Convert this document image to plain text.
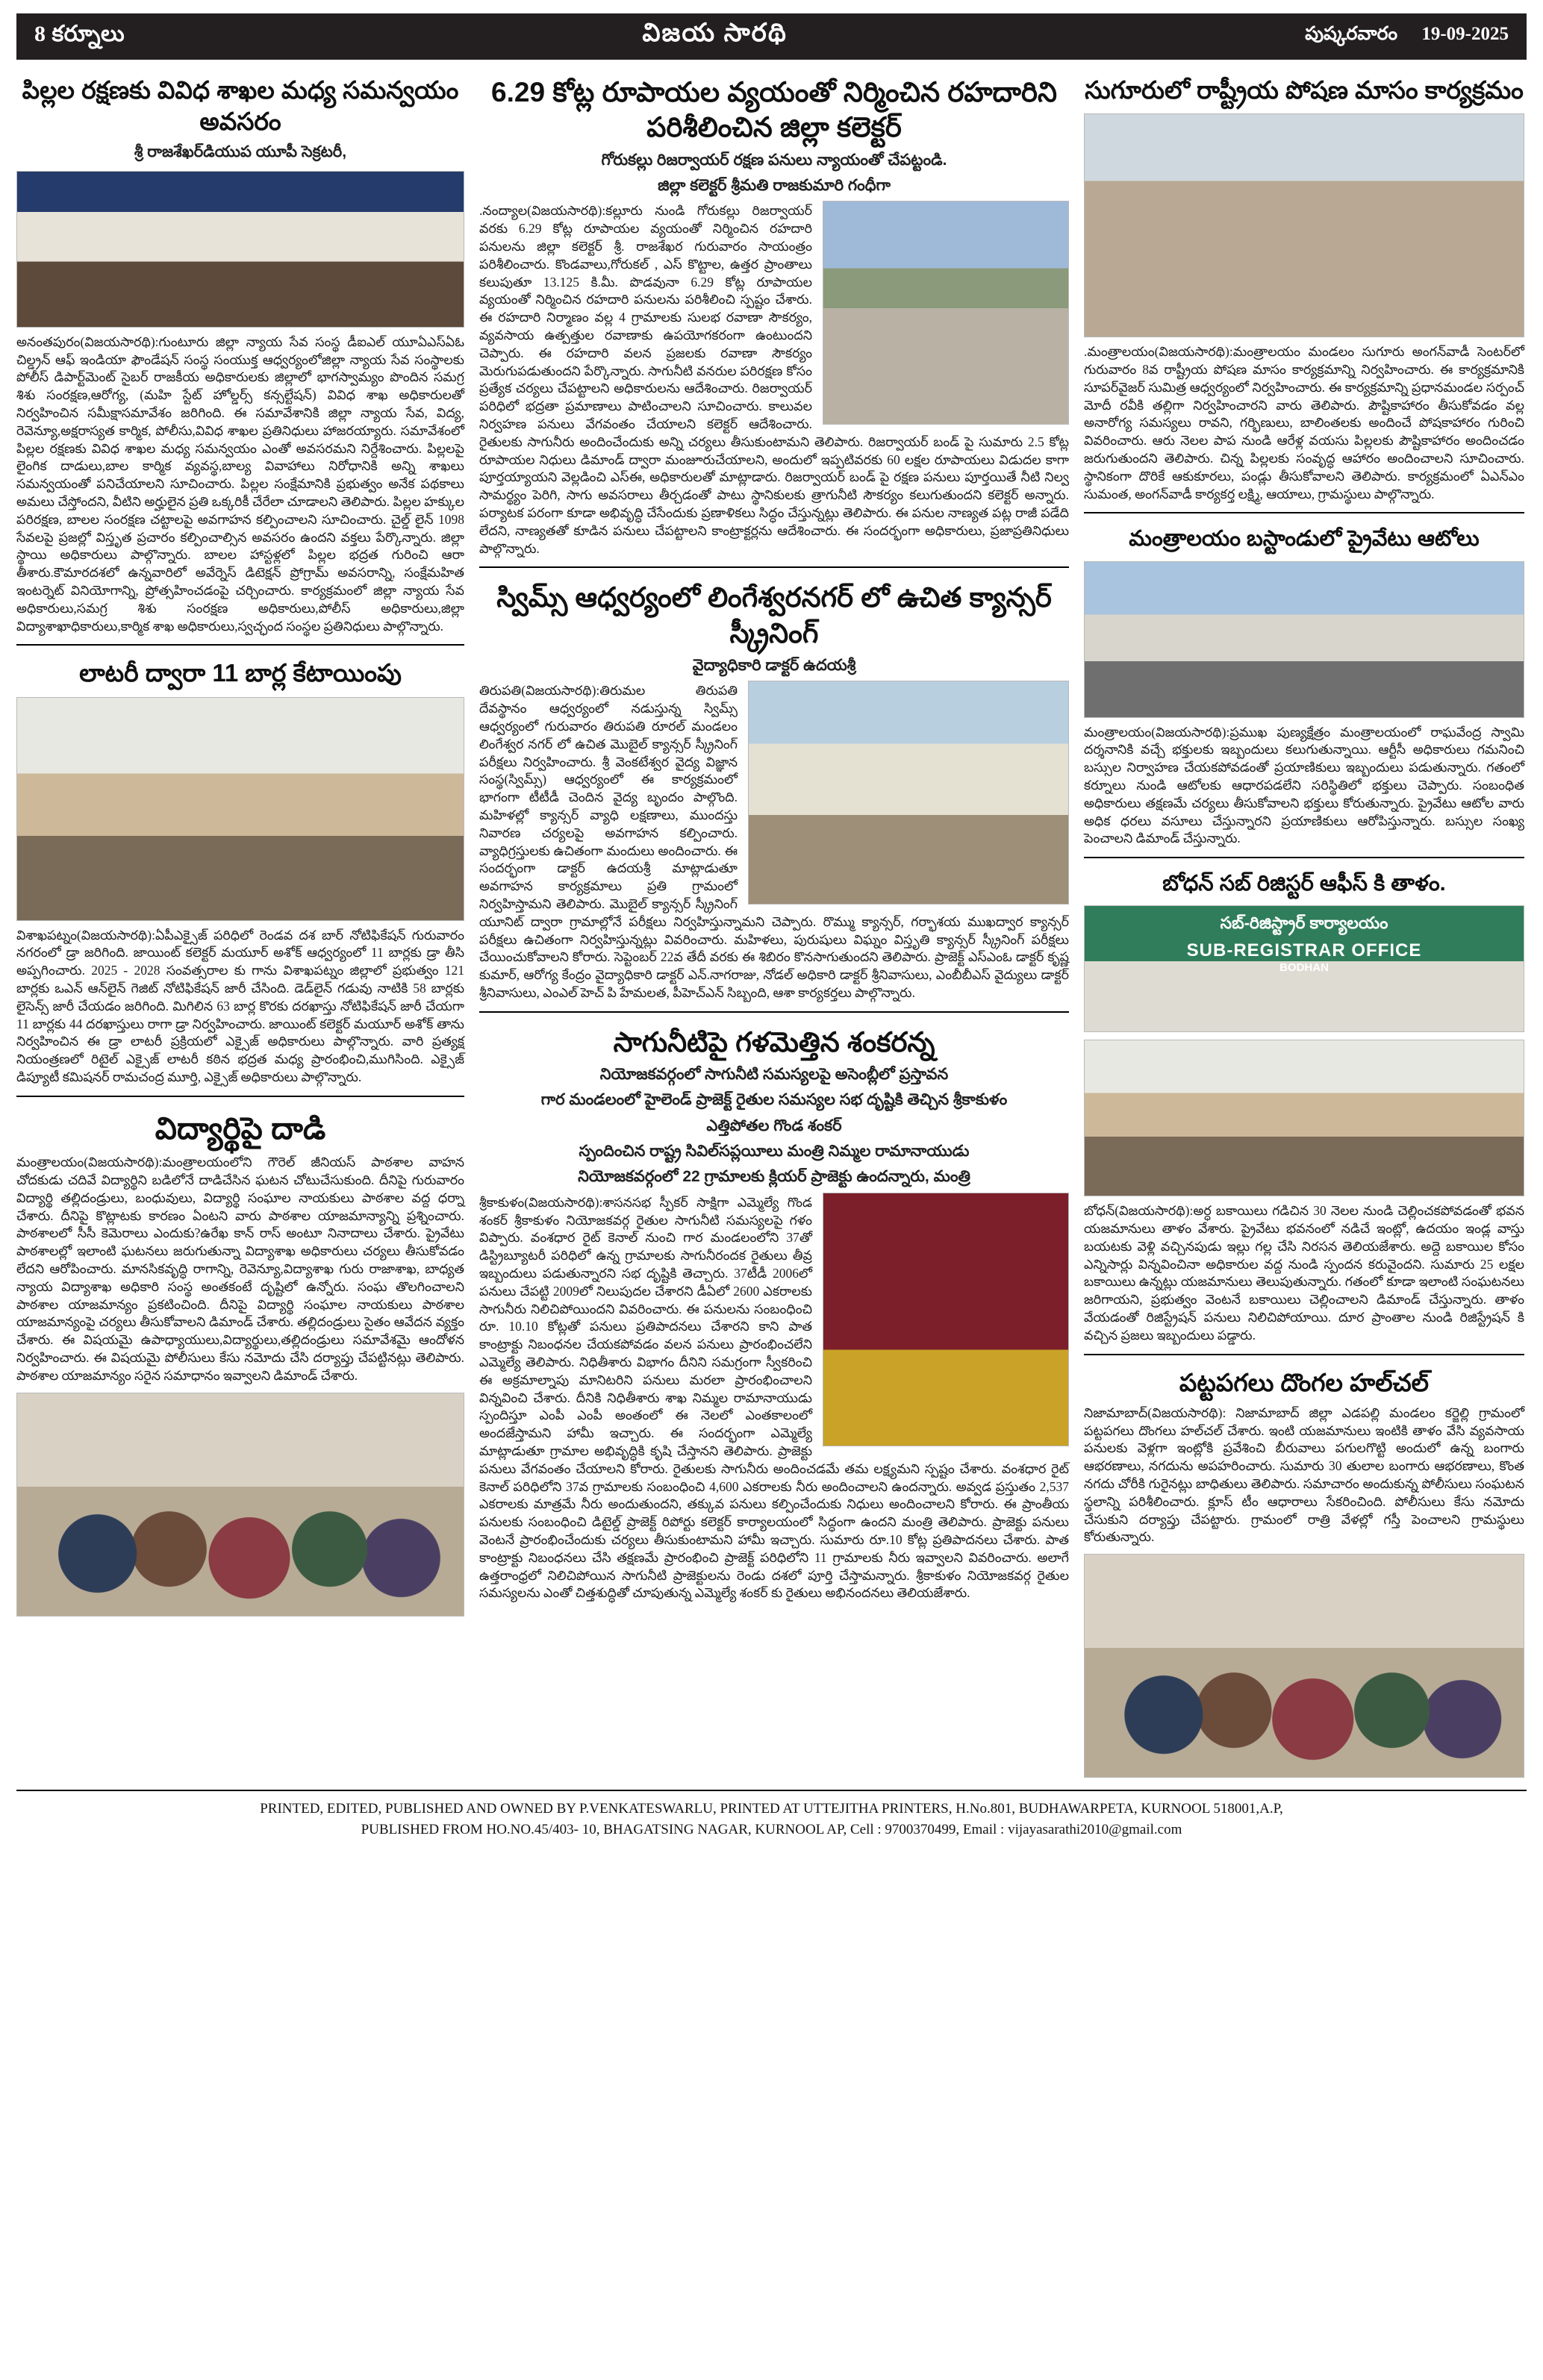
8 కర్నూలు	విజయ సారథి	పుష్కరవారం 19-09-2025
పిల్లల రక్షణకు వివిధ శాఖల మధ్య సమన్వయం అవసరం
శ్రీ రాజశేఖర్‌డియుప యూపీ సెక్రటరీ,
అనంతపురం(విజయసారథి):గుంటూరు జిల్లా న్యాయ సేవ సంస్థ డీఐఎల్ యూఏఎస్ఏఓ చిల్డ్రన్ ఆఫ్ ఇండియా ఫౌండేషన్ సంస్థ సంయుక్త ఆధ్వర్యంలోజిల్లా న్యాయ సేవ సంస్థాలకు పోలీస్ డిపార్ట్‌మెంట్ సైబర్ రాజకీయ అధికారులకు జిల్లాలో భాగస్వామ్యం పొందిన సమగ్ర శిశు సంరక్షణ,ఆరోగ్య, (మహి స్టేట్ హోల్డర్స్ కన్సల్టేషన్) వివిధ శాఖ అధికారులతో నిర్వహించిన సమీక్షాసమావేశం జరిగింది. ఈ సమావేశానికి జిల్లా న్యాయ సేవ, విద్య, రెవెన్యూ,అక్షరాస్యత కార్మిక, పోలీసు,వివిధ శాఖల ప్రతినిధులు హాజరయ్యారు. సమావేశంలో పిల్లల రక్షణకు వివిధ శాఖల మధ్య సమన్వయం ఎంతో అవసరమని నిర్దేశించారు. పిల్లలపై లైంగిక దాడులు,బాల కార్మిక వ్యవస్థ,బాల్య వివాహాలు నిరోధానికి అన్ని శాఖలు సమన్వయంతో పనిచేయాలని సూచించారు. పిల్లల సంక్షేమానికి ప్రభుత్వం అనేక పథకాలు అమలు చేస్తోందని, వీటిని అర్హులైన ప్రతి ఒక్కరికీ చేరేలా చూడాలని తెలిపారు. పిల్లల హక్కుల పరిరక్షణ, బాలల సంరక్షణ చట్టాలపై అవగాహన కల్పించాలని సూచించారు. చైల్డ్ లైన్ 1098 సేవలపై ప్రజల్లో విస్తృత ప్రచారం కల్పించాల్సిన అవసరం ఉందని వక్తలు పేర్కొన్నారు. జిల్లా స్థాయి అధికారులు పాల్గొన్నారు. బాలల హాస్టళ్లలో పిల్లల భద్రత గురించి ఆరా తీశారు.కౌమారదశలో ఉన్నవారిలో అవేర్నెస్ డిటెక్షన్ ప్రోగ్రామ్ అవసరాన్ని, సంక్షేమహిత ఇంటర్నెట్ వినియోగాన్ని, ప్రోత్సహించడంపై చర్చించారు. కార్యక్రమంలో జిల్లా న్యాయ సేవ అధికారులు,సమగ్ర శిశు సంరక్షణ అధికారులు,పోలీస్ అధికారులు,జిల్లా విద్యాశాఖాధికారులు,కార్మిక శాఖ అధికారులు,స్వచ్ఛంద సంస్థల ప్రతినిధులు పాల్గొన్నారు.
లాటరీ ద్వారా 11 బార్ల కేటాయింపు
విశాఖపట్నం(విజయసారథి):ఏపీఎక్సైజ్ పరిధిలో రెండవ దశ బార్ నోటిఫికేషన్ గురువారం నగరంలో డ్రా జరిగింది. జాయింట్ కలెక్టర్ మయూర్ అశోక్ ఆధ్వర్యంలో 11 బార్లకు డ్రా తీసి అప్పగించారు. 2025 - 2028 సంవత్సరాల కు గాను విశాఖపట్నం జిల్లాలో ప్రభుత్వం 121 బార్లకు ఒఎన్ ఆన్‌లైన్ గెజిట్ నోటిఫికేషన్ జారీ చేసింది. డెడ్‌లైన్ గడువు నాటికి 58 బార్లకు లైసెన్స్ జారీ చేయడం జరిగింది. మిగిలిన 63 బార్ల కొరకు దరఖాస్తు నోటిఫికేషన్ జారీ చేయగా 11 బార్లకు 44 దరఖాస్తులు రాగా డ్రా నిర్వహించారు. జాయింట్ కలెక్టర్ మయూర్ అశోక్ తాను నిర్వహించిన ఈ డ్రా లాటరీ ప్రక్రియలో ఎక్సైజ్ అధికారులు పాల్గొన్నారు. వారి ప్రత్యక్ష నియంత్రణలో రిటైల్ ఎక్సైజ్ లాటరీ కఠిన భద్రత మధ్య ప్రారంభించి,ముగిసింది. ఎక్సైజ్ డిప్యూటీ కమిషనర్ రామచంద్ర మూర్తి, ఎక్సైజ్ అధికారులు పాల్గొన్నారు.
విద్యార్థిపై దాడి
మంత్రాలయం(విజయసారథి):మంత్రాలయంలోని గౌరెల్ జీనియస్ పాఠశాల వాహన చోదకుడు చదివే విద్యార్థిని బడిలోనే దాడిచేసిన ఘటన చోటుచేసుకుంది. దీనిపై గురువారం విద్యార్థి తల్లిదండ్రులు, బంధువులు, విద్యార్థి సంఘాల నాయకులు పాఠశాల వద్ద ధర్నా చేశారు. దీనిపై కొట్లాటకు కారణం ఏంటని వారు పాఠశాల యాజమాన్యాన్ని ప్రశ్నించారు. పాఠశాలలో సీసీ కెమెరాలు ఎందుకు?ఉరేఖ కాన్ రాస్ అంటూ నినాదాలు చేశారు. ప్రైవేటు పాఠశాలల్లో ఇలాంటి ఘటనలు జరుగుతున్నా విద్యాశాఖ అధికారులు చర్యలు తీసుకోవడం లేదని ఆరోపించారు. మానసికవృద్ధి రాగాన్ని, రెవెన్యూ,విద్యాశాఖ గురు రాజాశాఖ, బాధ్యత న్యాయ విద్యాశాఖ అధికారి సంస్థ అంతకంటే దృష్టిలో ఉన్నోరు. సంఘ తొలగించాలని పాఠశాల యాజమాన్యం ప్రకటించింది. దీనిపై విద్యార్థి సంఘాల నాయకులు పాఠశాల యాజమాన్యంపై చర్యలు తీసుకోవాలని డిమాండ్ చేశారు. తల్లిదండ్రులు సైతం ఆవేదన వ్యక్తం చేశారు. ఈ విషయమై ఉపాధ్యాయులు,విద్యార్థులు,తల్లిదండ్రులు సమావేశమై ఆందోళన నిర్వహించారు. ఈ విషయమై పోలీసులు కేసు నమోదు చేసి దర్యాప్తు చేపట్టినట్లు తెలిపారు. పాఠశాల యాజమాన్యం సరైన సమాధానం ఇవ్వాలని డిమాండ్ చేశారు.
6.29 కోట్ల రూపాయల వ్యయంతో నిర్మించిన రహదారిని పరిశీలించిన జిల్లా కలెక్టర్
గోరుకల్లు రిజర్వాయర్ రక్షణ పనులు న్యాయంతో చేపట్టండి.
జిల్లా కలెక్టర్ శ్రీమతి రాజకుమారి గంధీగా
.నంద్యాల(విజయసారథి):కల్లూరు నుండి గోరుకల్లు రిజర్వాయర్ వరకు 6.29 కోట్ల రూపాయల వ్యయంతో నిర్మించిన రహదారి పనులను జిల్లా కలెక్టర్ శ్రీ. రాజశేఖర గురువారం సాయంత్రం పరిశీలించారు. కొండవాలు,గోరుకల్ , ఎస్ కొట్టాల, ఉత్తర ప్రాంతాలు కలుపుతూ 13.125 కి.మీ. పొడవునా 6.29 కోట్ల రూపాయల వ్యయంతో నిర్మించిన రహదారి పనులను పరిశీలించి స్పష్టం చేశారు. ఈ రహదారి నిర్మాణం వల్ల 4 గ్రామాలకు సులభ రవాణా సౌకర్యం, వ్యవసాయ ఉత్పత్తుల రవాణాకు ఉపయోగకరంగా ఉంటుందని చెప్పారు. ఈ రహదారి వలన ప్రజలకు రవాణా సౌకర్యం మెరుగుపడుతుందని పేర్కొన్నారు. సాగునీటి వనరుల పరిరక్షణ కోసం ప్రత్యేక చర్యలు చేపట్టాలని అధికారులను ఆదేశించారు. రిజర్వాయర్ పరిధిలో భద్రతా ప్రమాణాలు పాటించాలని సూచించారు. కాలువల నిర్వహణ పనులు వేగవంతం చేయాలని కలెక్టర్ ఆదేశించారు. రైతులకు సాగునీరు అందించేందుకు అన్ని చర్యలు తీసుకుంటామని తెలిపారు. రిజర్వాయర్ బండ్ పై సుమారు 2.5 కోట్ల రూపాయల నిధులు డిమాండ్ ద్వారా మంజూరుచేయాలని, అందులో ఇప్పటివరకు 60 లక్షల రూపాయలు విడుదల కాగా పూర్తయ్యాయని వెల్లడించి ఎస్ఈ, అధికారులతో మాట్లాడారు. రిజర్వాయర్ బండ్ పై రక్షణ పనులు పూర్తయితే నీటి నిల్వ సామర్థ్యం పెరిగి, సాగు అవసరాలు తీర్చడంతో పాటు స్థానికులకు త్రాగునీటి సౌకర్యం కలుగుతుందని కలెక్టర్ అన్నారు. పర్యాటక పరంగా కూడా అభివృద్ధి చేసేందుకు ప్రణాళికలు సిద్ధం చేస్తున్నట్లు తెలిపారు. ఈ పనుల నాణ్యత పట్ల రాజీ పడేది లేదని, నాణ్యతతో కూడిన పనులు చేపట్టాలని కాంట్రాక్టర్లను ఆదేశించారు. ఈ సందర్భంగా అధికారులు, ప్రజాప్రతినిధులు పాల్గొన్నారు.
స్విమ్స్ ఆధ్వర్యంలో లింగేశ్వరనగర్ లో ఉచిత క్యాన్సర్ స్క్రీనింగ్
వైద్యాధికారి డాక్టర్ ఉదయశ్రీ
తిరుపతి(విజయసారథి):తిరుమల తిరుపతి దేవస్థానం ఆధ్వర్యంలో నడుస్తున్న స్విమ్స్ ఆధ్వర్యంలో గురువారం తిరుపతి రూరల్ మండలం లింగేశ్వర నగర్ లో ఉచిత మొబైల్ క్యాన్సర్ స్క్రీనింగ్ పరీక్షలు నిర్వహించారు. శ్రీ వెంకటేశ్వర వైద్య విజ్ఞాన సంస్థ(స్విమ్స్) ఆధ్వర్యంలో ఈ కార్యక్రమంలో భాగంగా టీటీడీ చెందిన వైద్య బృందం పాల్గొంది. మహిళల్లో క్యాన్సర్ వ్యాధి లక్షణాలు, ముందస్తు నివారణ చర్యలపై అవగాహన కల్పించారు. వ్యాధిగ్రస్తులకు ఉచితంగా మందులు అందించారు. ఈ సందర్భంగా డాక్టర్ ఉదయశ్రీ మాట్లాడుతూ అవగాహన కార్యక్రమాలు ప్రతి గ్రామంలో నిర్వహిస్తామని తెలిపారు. మొబైల్ క్యాన్సర్ స్క్రీనింగ్ యూనిట్ ద్వారా గ్రామాల్లోనే పరీక్షలు నిర్వహిస్తున్నామని చెప్పారు. రొమ్ము క్యాన్సర్, గర్భాశయ ముఖద్వార క్యాన్సర్ పరీక్షలు ఉచితంగా నిర్వహిస్తున్నట్లు వివరించారు. మహిళలు, పురుషులు విఘ్నం విస్తృతి క్యాన్సర్ స్క్రీనింగ్ పరీక్షలు చేయించుకోవాలని కోరారు. సెప్టెంబర్ 22వ తేదీ వరకు ఈ శిబిరం కొనసాగుతుందని తెలిపారు. ప్రాజెక్ట్ ఎస్ఎంఓ డాక్టర్ కృష్ణ కుమార్, ఆరోగ్య కేంద్రం వైద్యాధికారి డాక్టర్ ఎన్.నాగరాజు, నోడల్ అధికారి డాక్టర్ శ్రీనివాసులు, ఎంబీబీఎస్ వైద్యులు డాక్టర్ శ్రీనివాసులు, ఎంఎల్ హెచ్ పి హేమలత, పీహెచ్ఎన్ సిబ్బంది, ఆశా కార్యకర్తలు పాల్గొన్నారు.
సాగునీటిపై గళమెత్తిన శంకరన్న
నియోజకవర్గంలో సాగునీటి సమస్యలపై అసెంబ్లీలో ప్రస్తావన
గార మండలంలో హైలెండ్ ప్రాజెక్ట్ రైతుల సమస్యల సభ దృష్టికి తెచ్చిన శ్రీకాకుళం
ఎత్తిపోతల గొండ శంకర్
స్పందించిన రాష్ట్ర సివిల్‌సప్లయీలు మంత్రి నిమ్మల రామానాయుడు
నియోజకవర్గంలో 22 గ్రామాలకు క్లియర్ ప్రాజెక్టు ఉందన్నారు, మంత్రి
శ్రీకాకుళం(విజయసారథి):శాసనసభ స్పీకర్ సాక్షిగా ఎమ్మెల్యే గొండ శంకర్ శ్రీకాకుళం నియోజకవర్గ రైతుల సాగునీటి సమస్యలపై గళం విప్పారు. వంశధార రైట్ కెనాల్ నుంచి గార మండలంలోని 37తో డిస్ట్రిబ్యూటరీ పరిధిలో ఉన్న గ్రామాలకు సాగునీరందక రైతులు తీవ్ర ఇబ్బందులు పడుతున్నారని సభ దృష్టికి తెచ్చారు. 37టీడీ 2006లో పనులు చేపట్టి 2009లో నిలుపుదల చేశారని డీఏలో 2600 ఎకరాలకు సాగునీరు నిలిచిపోయిందని వివరించారు. ఈ పనులను సంబంధించి రూ. 10.10 కోట్లతో పనులు ప్రతిపాదనలు చేశారని కాని పాత కాంట్రాక్టు నిబంధనల చేయకపోవడం వలన పనులు ప్రారంభించలేని ఎమ్మెల్యే తెలిపారు. నిధితీశారు విభాగం దీనిని సమగ్రంగా స్వీకరించి ఈ అక్రమాల్నాపు మానిటరిని పనులు మరలా ప్రారంభించాలని విన్నవించి చేశారు. దీనికి నిధితీశారు శాఖ నిమ్మల రామానాయుడు స్పందిస్తూ ఎంపీ ఎంపీ అంతంలో ఈ నెలలో ఎంతకాలంలో అందజేస్తామని హామీ ఇచ్చారు. ఈ సందర్భంగా ఎమ్మెల్యే మాట్లాడుతూ గ్రామాల అభివృద్ధికి కృషి చేస్తానని తెలిపారు. ప్రాజెక్టు పనులు వేగవంతం చేయాలని కోరారు. రైతులకు సాగునీరు అందించడమే తమ లక్ష్యమని స్పష్టం చేశారు. వంశధార రైట్ కెనాల్ పరిధిలోని 37వ గ్రామాలకు సంబంధించి 4,600 ఎకరాలకు నీరు అందించాలని ఉందన్నారు. అవ్వడ ప్రస్తుతం 2,537 ఎకరాలకు మాత్రమే నీరు అందుతుందని, తక్కువ పనులు కల్పించేందుకు నిధులు అందించాలని కోరారు. ఈ ప్రాంతీయ పనులకు సంబంధించి డిటైల్డ్ ప్రాజెక్ట్ రిపోర్టు కలెక్టర్ కార్యాలయంలో సిద్ధంగా ఉందని మంత్రి తెలిపారు. ప్రాజెక్టు పనులు వెంటనే ప్రారంభించేందుకు చర్యలు తీసుకుంటామని హామీ ఇచ్చారు. సుమారు రూ.10 కోట్ల ప్రతిపాదనలు చేశారు. పాత కాంట్రాక్టు నిబంధనలు చేసి తక్షణమే ప్రారంభించి ప్రాజెక్ట్ పరిధిలోని 11 గ్రామాలకు నీరు ఇవ్వాలని వివరించారు. అలాగే ఉత్తరాంధ్రలో నిలిచిపోయిన సాగునీటి ప్రాజెక్టులను రెండు దశలో పూర్తి చేస్తామన్నారు. శ్రీకాకుళం నియోజకవర్గ రైతుల సమస్యలను ఎంతో చిత్తశుద్ధితో చూపుతున్న ఎమ్మెల్యే శంకర్ కు రైతులు అభినందనలు తెలియజేశారు.
సుగూరులో రాష్ట్రీయ పోషణ మాసం కార్యక్రమం
.మంత్రాలయం(విజయసారథి):మంత్రాలయం మండలం సుగూరు అంగన్‌వాడీ సెంటర్‌లో గురువారం 8వ రాష్ట్రీయ పోషణ మాసం కార్యక్రమాన్ని నిర్వహించారు. ఈ కార్యక్రమానికి సూపర్‌వైజర్ సుమిత్ర ఆధ్వర్యంలో నిర్వహించారు. ఈ కార్యక్రమాన్ని ప్రధానమండల సర్పంచ్ మోదీ రవీకి తల్లిగా నిర్వహించారని వారు తెలిపారు. పౌష్టికాహారం తీసుకోవడం వల్ల అనారోగ్య సమస్యలు రావని, గర్భిణులు, బాలింతలకు అందించే పోషకాహారం గురించి వివరించారు. ఆరు నెలల పాప నుండి ఆరేళ్ల వయసు పిల్లలకు పౌష్టికాహారం అందించడం జరుగుతుందని తెలిపారు. చిన్న పిల్లలకు సంవృద్ధ ఆహారం అందించాలని సూచించారు. స్థానికంగా దొరికే ఆకుకూరలు, పండ్లు తీసుకోవాలని తెలిపారు. కార్యక్రమంలో ఏఎన్ఎం సుమంత, అంగన్‌వాడీ కార్యకర్త లక్ష్మి, ఆయాలు, గ్రామస్థులు పాల్గొన్నారు.
మంత్రాలయం బస్టాండులో ప్రైవేటు ఆటోలు
మంత్రాలయం(విజయసారథి):ప్రముఖ పుణ్యక్షేత్రం మంత్రాలయంలో రాఘవేంద్ర స్వామి దర్శనానికి వచ్చే భక్తులకు ఇబ్బందులు కలుగుతున్నాయి. ఆర్టీసీ అధికారులు గమనించి బస్సుల నిర్వాహణ చేయకపోవడంతో ప్రయాణికులు ఇబ్బందులు పడుతున్నారు. గతంలో కర్నూలు నుండి ఆటోలకు ఆధారపడలేని సరిస్థితిలో భక్తులు చెప్పారు. సంబంధిత అధికారులు తక్షణమే చర్యలు తీసుకోవాలని భక్తులు కోరుతున్నారు. ప్రైవేటు ఆటోల వారు అధిక ధరలు వసూలు చేస్తున్నారని ప్రయాణికులు ఆరోపిస్తున్నారు. బస్సుల సంఖ్య పెంచాలని డిమాండ్ చేస్తున్నారు.
బోధన్ సబ్ రిజిస్టర్ ఆఫీస్ కి తాళం.
సబ్-రిజిస్ట్రార్ కార్యాలయం
SUB-REGISTRAR OFFICE
BODHAN
బోధన్(విజయసారథి):అర్ధ బకాయిలు గడిచిన 30 నెలల నుండి చెల్లించకపోవడంతో భవన యజమానులు తాళం వేశారు. ప్రైవేటు భవనంలో నడిచే ఇంట్లో, ఉదయం ఇండ్ల వాస్తు బయటకు వెళ్లి వచ్చినపుడు ఇల్లు గల్ల చేసి నిరసన తెలియజేశారు. అద్దె బకాయిల కోసం ఎన్నిసార్లు విన్నవించినా అధికారుల వద్ద నుండి స్పందన కరువైందని. సుమారు 25 లక్షల బకాయిలు ఉన్నట్లు యజమానులు తెలుపుతున్నారు. గతంలో కూడా ఇలాంటి సంఘటనలు జరిగాయని, ప్రభుత్వం వెంటనే బకాయిలు చెల్లించాలని డిమాండ్ చేస్తున్నారు. తాళం వేయడంతో రిజిస్ట్రేషన్ పనులు నిలిచిపోయాయి. దూర ప్రాంతాల నుండి రిజిస్ట్రేషన్ కి వచ్చిన ప్రజలు ఇబ్బందులు పడ్డారు.
పట్టపగలు దొంగల హల్‌చల్
నిజామాబాద్(విజయసారథి): నిజామాబాద్ జిల్లా ఎడపల్లి మండలం కర్జెల్లి గ్రామంలో పట్టపగలు దొంగలు హల్‌చల్ చేశారు. ఇంటి యజమానులు ఇంటికి తాళం వేసి వ్యవసాయ పనులకు వెళ్లగా ఇంట్లోకి ప్రవేశించి బీరువాలు పగులగొట్టి అందులో ఉన్న బంగారు ఆభరణాలు, నగదును అపహరించారు. సుమారు 30 తులాల బంగారు ఆభరణాలు, కొంత నగదు చోరీకి గురైనట్లు బాధితులు తెలిపారు. సమాచారం అందుకున్న పోలీసులు సంఘటన స్థలాన్ని పరిశీలించారు. క్లూస్ టీం ఆధారాలు సేకరించింది. పోలీసులు కేసు నమోదు చేసుకుని దర్యాప్తు చేపట్టారు. గ్రామంలో రాత్రి వేళల్లో గస్తీ పెంచాలని గ్రామస్థులు కోరుతున్నారు.
PRINTED, EDITED, PUBLISHED AND OWNED BY P.VENKATESWARLU, PRINTED AT UTTEJITHA PRINTERS, H.No.801, BUDHAWARPETA, KURNOOL 518001,A.P,
PUBLISHED FROM HO.NO.45/403- 10, BHAGATSING NAGAR, KURNOOL AP, Cell : 9700370499, Email : vijayasarathi2010@gmail.com
